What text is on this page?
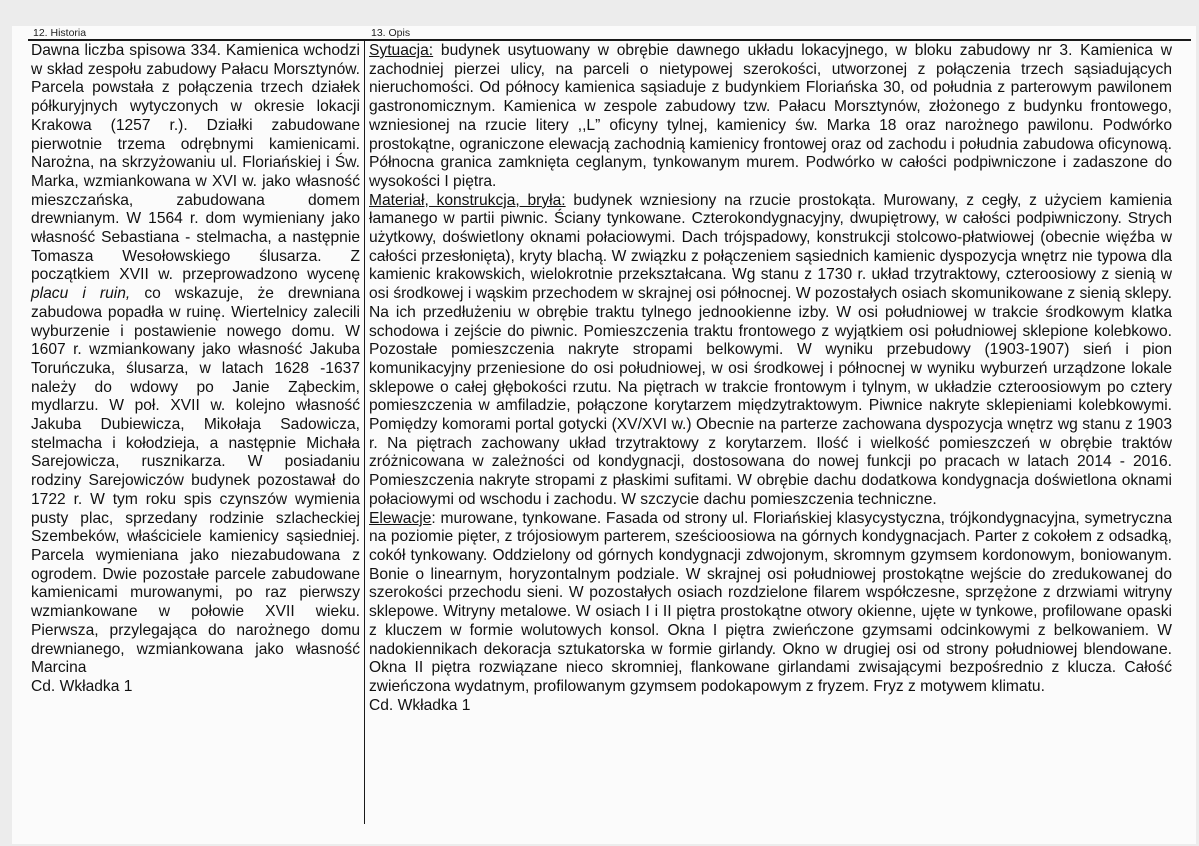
12. Historia	13. Opis

Dawna liczba spisowa 334. Kamienica wchodzi w skład zespołu zabudowy Pałacu Morsztynów. Parcela powstała z połączenia trzech działek półkuryjnych wytyczonych w okresie lokacji Krakowa (1257 r.). Działki zabudowane pierwotnie trzema odrębnymi kamienicami. Narożna, na skrzyżowaniu ul. Floriańskiej i Św. Marka, wzmiankowana w XVI w. jako własność mieszczańska, zabudowana domem drewnianym. W 1564 r. dom wymieniany jako własność Sebastiana - stelmacha, a następnie Tomasza Wesołowskiego ślusarza. Z początkiem XVII w. przeprowadzono wycenę placu i ruin, co wskazuje, że drewniana zabudowa popadła w ruinę. Wiertelnicy zalecili wyburzenie i postawienie nowego domu. W 1607 r. wzmiankowany jako własność Jakuba Toruńczuka, ślusarza, w latach 1628 -1637 należy do wdowy po Janie Ząbeckim, mydlarzu. W poł. XVII w. kolejno własność Jakuba Dubiewicza, Mikołaja Sadowicza, stelmacha i kołodzieja, a następnie Michała Sarejowicza, rusznikarza. W posiadaniu rodziny Sarejowiczów budynek pozostawał do 1722 r. W tym roku spis czynszów wymienia pusty plac, sprzedany rodzinie szlacheckiej Szembeków, właściciele kamienicy sąsiedniej. Parcela wymieniana jako niezabudowana z ogrodem. Dwie pozostałe parcele zabudowane kamienicami murowanymi, po raz pierwszy wzmiankowane w połowie XVII wieku. Pierwsza, przylegająca do narożnego domu drewnianego, wzmiankowana jako własność Marcina

Cd. Wkładka 1

Sytuacja: budynek usytuowany w obrębie dawnego układu lokacyjnego, w bloku zabudowy nr 3. Kamienica w zachodniej pierzei ulicy, na parceli o nietypowej szerokości, utworzonej z połączenia trzech sąsiadujących nieruchomości. Od północy kamienica sąsiaduje z budynkiem Floriańska 30, od południa z parterowym pawilonem gastronomicznym. Kamienica w zespole zabudowy tzw. Pałacu Morsztynów, złożonego z budynku frontowego, wzniesionej na rzucie litery ,,L” oficyny tylnej, kamienicy św. Marka 18 oraz narożnego pawilonu. Podwórko prostokątne, ograniczone elewacją zachodnią kamienicy frontowej oraz od zachodu i południa zabudowa oficynową. Północna granica zamknięta ceglanym, tynkowanym murem. Podwórko w całości podpiwniczone i zadaszone do wysokości I piętra.

Materiał, konstrukcja, bryła: budynek wzniesiony na rzucie prostokąta. Murowany, z cegły, z użyciem kamienia łamanego w partii piwnic. Ściany tynkowane. Czterokondygnacyjny, dwupiętrowy, w całości podpiwniczony. Strych użytkowy, doświetlony oknami połaciowymi. Dach trójspadowy, konstrukcji stolcowo-płatwiowej (obecnie więźba w całości przesłonięta), kryty blachą. W związku z połączeniem sąsiednich kamienic dyspozycja wnętrz nie typowa dla kamienic krakowskich, wielokrotnie przekształcana. Wg stanu z 1730 r. układ trzytraktowy, czteroosiowy z sienią w osi środkowej i wąskim przechodem w skrajnej osi północnej. W pozostałych osiach skomunikowane z sienią sklepy. Na ich przedłużeniu w obrębie traktu tylnego jednookienne izby. W osi południowej w trakcie środkowym klatka schodowa i zejście do piwnic. Pomieszczenia traktu frontowego z wyjątkiem osi południowej sklepione kolebkowo. Pozostałe pomieszczenia nakryte stropami belkowymi. W wyniku przebudowy (1903-1907) sień i pion komunikacyjny przeniesione do osi południowej, w osi środkowej i północnej w wyniku wyburzeń urządzone lokale sklepowe o całej głębokości rzutu. Na piętrach w trakcie frontowym i tylnym, w układzie czteroosiowym po cztery pomieszczenia w amfiladzie, połączone korytarzem międzytraktowym. Piwnice nakryte sklepieniami kolebkowymi. Pomiędzy komorami portal gotycki (XV/XVI w.) Obecnie na parterze zachowana dyspozycja wnętrz wg stanu z 1903 r. Na piętrach zachowany układ trzytraktowy z korytarzem. Ilość i wielkość pomieszczeń w obrębie traktów zróżnicowana w zależności od kondygnacji, dostosowana do nowej funkcji po pracach w latach 2014 - 2016. Pomieszczenia nakryte stropami z płaskimi sufitami. W obrębie dachu dodatkowa kondygnacja doświetlona oknami połaciowymi od wschodu i zachodu. W szczycie dachu pomieszczenia techniczne.

Elewacje: murowane, tynkowane. Fasada od strony ul. Floriańskiej klasycystyczna, trójkondygnacyjna, symetryczna na poziomie pięter, z trójosiowym parterem, sześcioosiowa na górnych kondygnacjach. Parter z cokołem z odsadką, cokół tynkowany. Oddzielony od górnych kondygnacji zdwojonym, skromnym gzymsem kordonowym, boniowanym. Bonie o linearnym, horyzontalnym podziale. W skrajnej osi południowej prostokątne wejście do zredukowanej do szerokości przechodu sieni. W pozostałych osiach rozdzielone filarem współczesne, sprzężone z drzwiami witryny sklepowe. Witryny metalowe. W osiach I i II piętra prostokątne otwory okienne, ujęte w tynkowe, profilowane opaski z kluczem w formie wolutowych konsol. Okna I piętra zwieńczone gzymsami odcinkowymi z belkowaniem. W nadokiennikach dekoracja sztukatorska w formie girlandy. Okno w drugiej osi od strony południowej blendowane. Okna II piętra rozwiązane nieco skromniej, flankowane girlandami zwisającymi bezpośrednio z klucza. Całość zwieńczona wydatnym, profilowanym gzymsem podokapowym z fryzem. Fryz z motywem klimatu.

Cd. Wkładka 1
